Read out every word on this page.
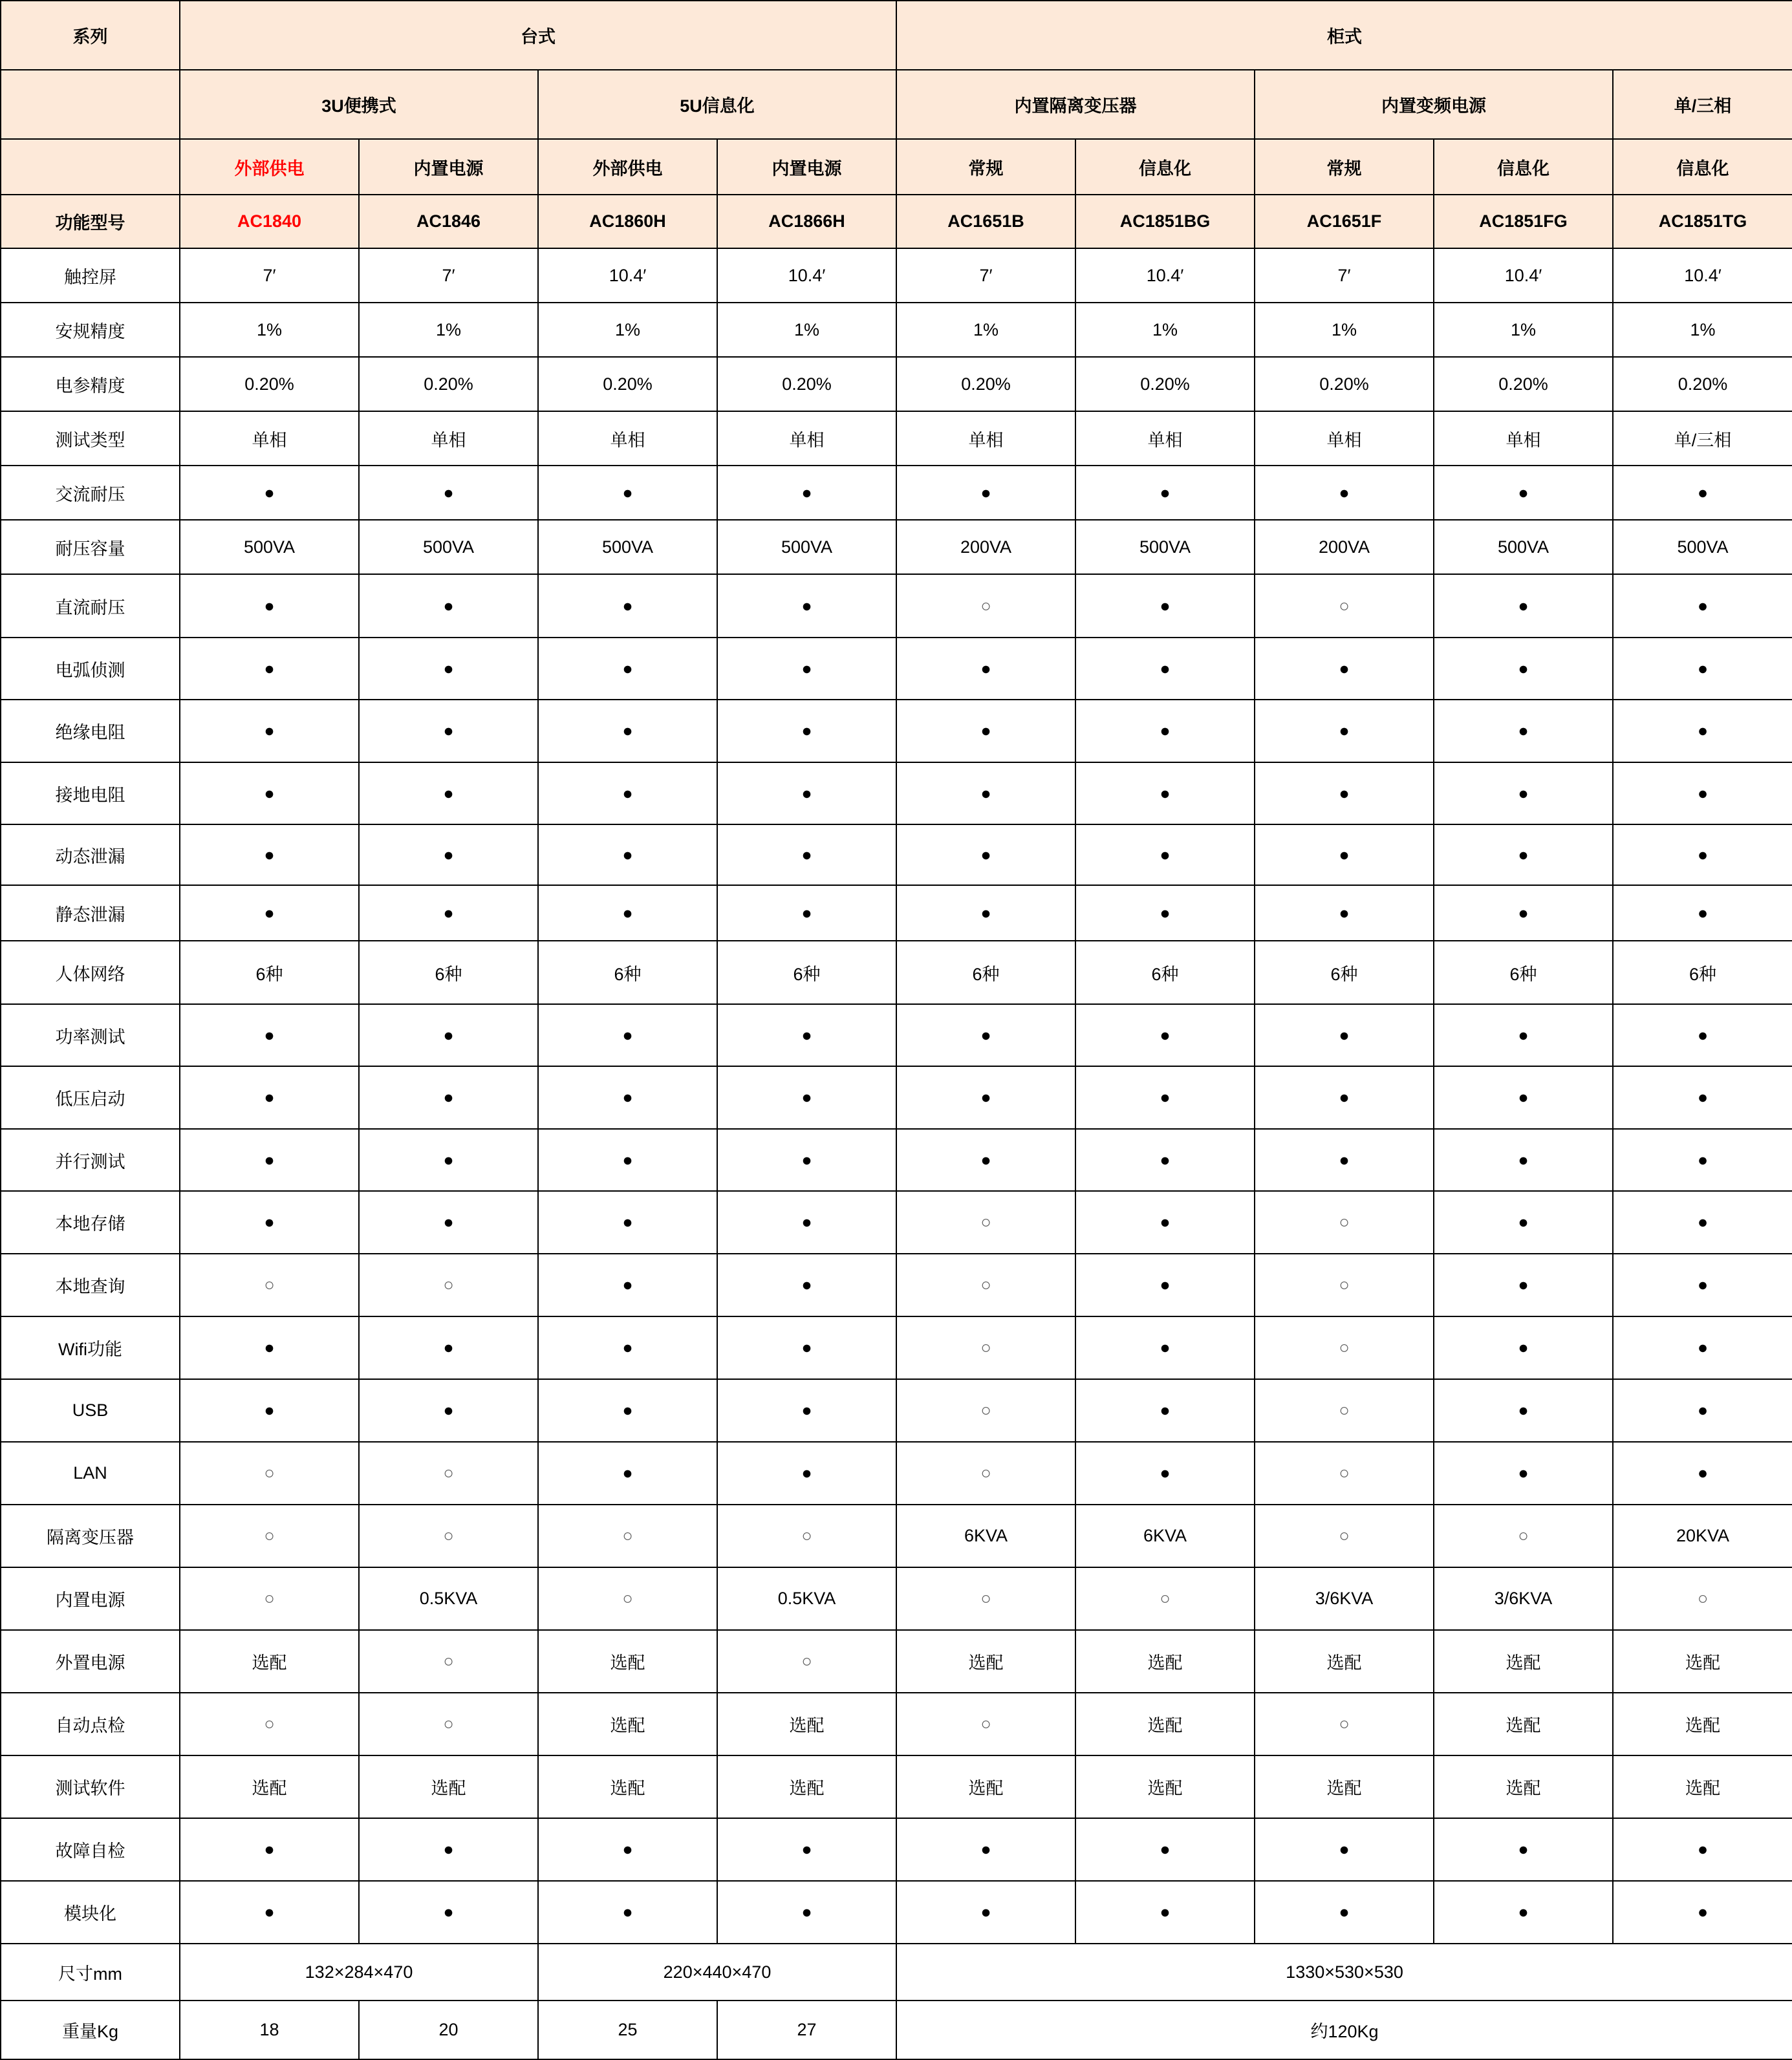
系列	台式				柜式				
	3U便携式		5U信息化		内置隔离变压器		内置变频电源		单/三相
	外部供电	内置电源	外部供电	内置电源	常规	信息化	常规	信息化	信息化
功能型号	AC1840	AC1846	AC1860H	AC1866H	AC1651B	AC1851BG	AC1651F	AC1851FG	AC1851TG
触控屏	7′	7′	10.4′	10.4′	7′	10.4′	7′	10.4′	10.4′
安规精度	1%	1%	1%	1%	1%	1%	1%	1%	1%
电参精度	0.20%	0.20%	0.20%	0.20%	0.20%	0.20%	0.20%	0.20%	0.20%
测试类型	单相	单相	单相	单相	单相	单相	单相	单相	单/三相
交流耐压	●	●	●	●	●	●	●	●	●
耐压容量	500VA	500VA	500VA	500VA	200VA	500VA	200VA	500VA	500VA
直流耐压	●	●	●	●	○	●	○	●	●
电弧侦测	●	●	●	●	●	●	●	●	●
绝缘电阻	●	●	●	●	●	●	●	●	●
接地电阻	●	●	●	●	●	●	●	●	●
动态泄漏	●	●	●	●	●	●	●	●	●
静态泄漏	●	●	●	●	●	●	●	●	●
人体网络	6种	6种	6种	6种	6种	6种	6种	6种	6种
功率测试	●	●	●	●	●	●	●	●	●
低压启动	●	●	●	●	●	●	●	●	●
并行测试	●	●	●	●	●	●	●	●	●
本地存储	●	●	●	●	○	●	○	●	●
本地查询	○	○	●	●	○	●	○	●	●
Wifi功能	●	●	●	●	○	●	○	●	●
USB	●	●	●	●	○	●	○	●	●
LAN	○	○	●	●	○	●	○	●	●
隔离变压器	○	○	○	○	6KVA	6KVA	○	○	20KVA
内置电源	○	0.5KVA	○	0.5KVA	○	○	3/6KVA	3/6KVA	○
外置电源	选配	○	选配	○	选配	选配	选配	选配	选配
自动点检	○	○	选配	选配	○	选配	○	选配	选配
测试软件	选配	选配	选配	选配	选配	选配	选配	选配	选配
故障自检	●	●	●	●	●	●	●	●	●
模块化	●	●	●	●	●	●	●	●	●
尺寸mm	132×284×470		220×440×470		1330×530×530				
重量Kg	18	20	25	27	约120Kg				
